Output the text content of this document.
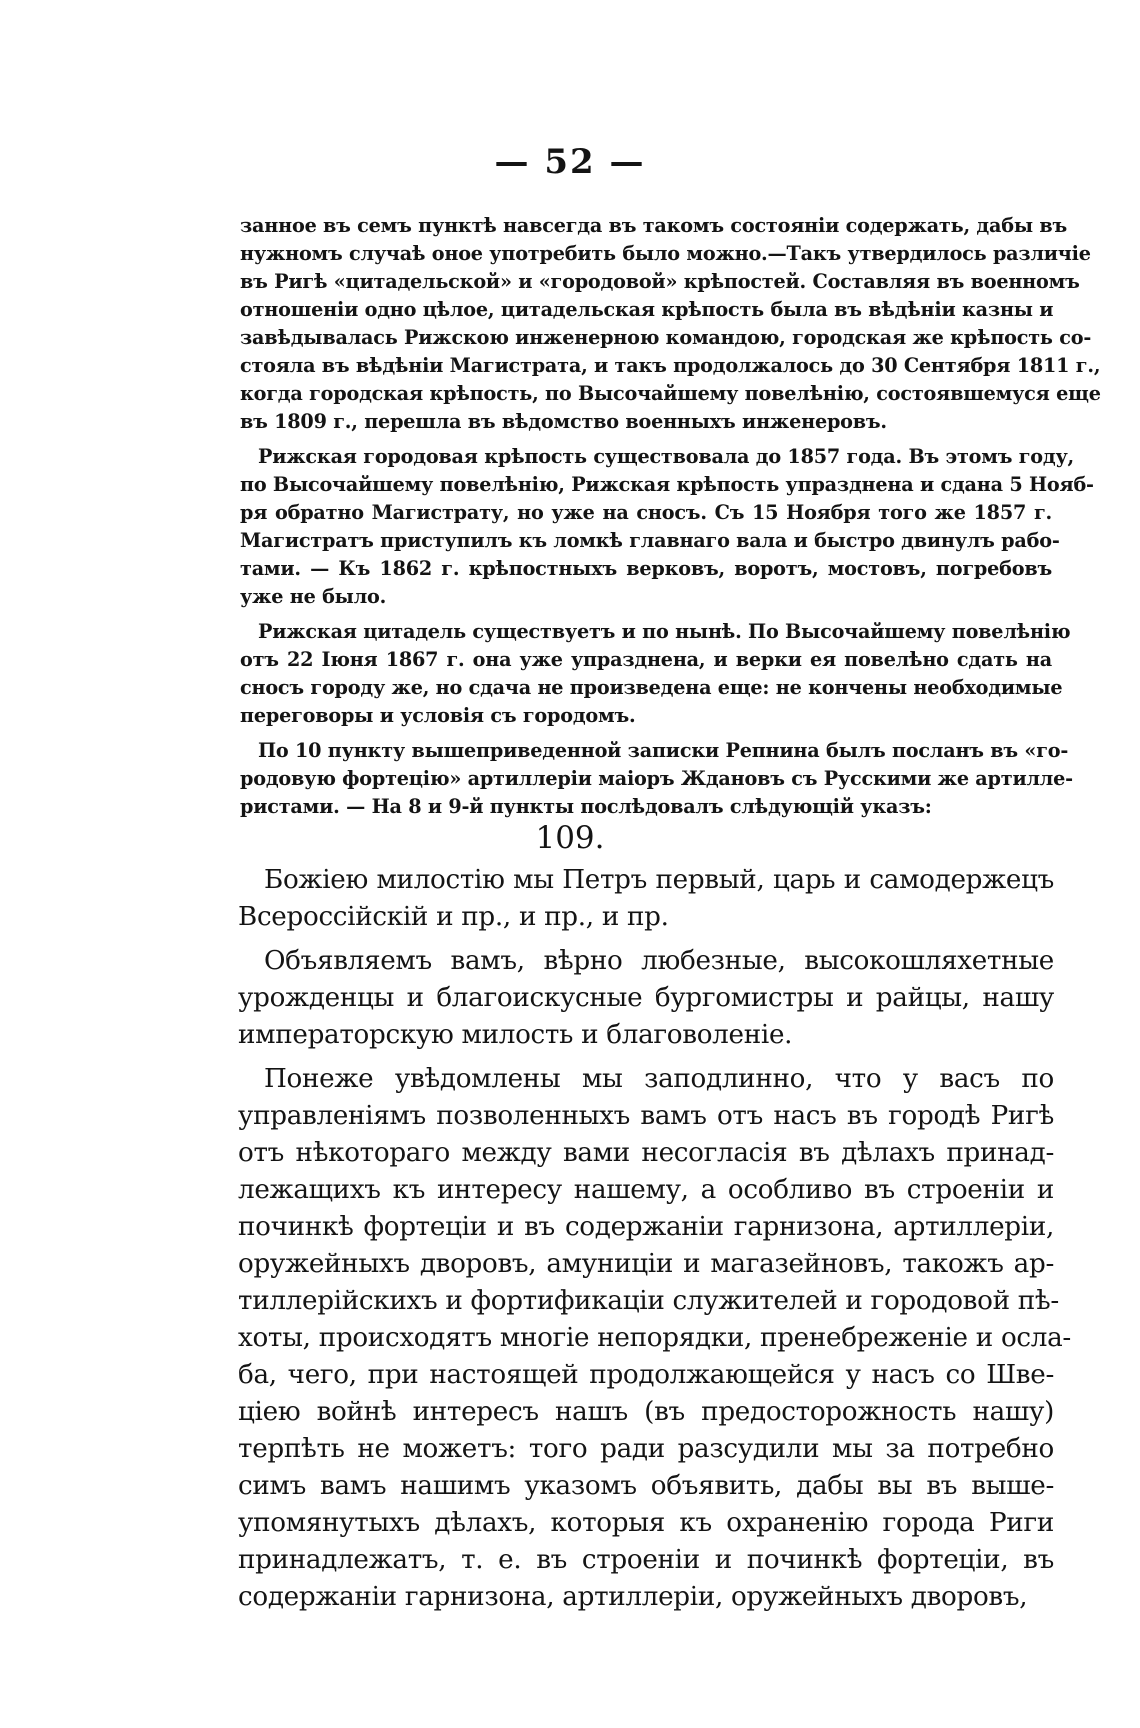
— 52 —
занное въ семъ пунктѣ навсегда въ такомъ состояніи содержать, дабы въ
нужномъ случаѣ оное употребить было можно.—Такъ утвердилось различіе
въ Ригѣ «цитадельской» и «городовой» крѣпостей. Составляя въ военномъ
отношеніи одно цѣлое, цитадельская крѣпость была въ вѣдѣніи казны и
завѣдывалась Рижскою инженерною командою, городская же крѣпость со-
стояла въ вѣдѣніи Магистрата, и такъ продолжалось до 30 Сентября 1811 г.,
когда городская крѣпость, по Высочайшему повелѣнію, состоявшемуся еще
въ 1809 г., перешла въ вѣдомство военныхъ инженеровъ.
Рижская городовая крѣпость существовала до 1857 года. Въ этомъ году,
по Высочайшему повелѣнію, Рижская крѣпость упразднена и сдана 5 Нояб-
ря обратно Магистрату, но уже на сносъ. Съ 15 Ноября того же 1857 г.
Магистратъ приступилъ къ ломкѣ главнаго вала и быстро двинулъ рабо-
тами. — Къ 1862 г. крѣпостныхъ верковъ, воротъ, мостовъ, погребовъ
уже не было.
Рижская цитадель существуетъ и по нынѣ. По Высочайшему повелѣнію
отъ 22 Іюня 1867 г. она уже упразднена, и верки ея повелѣно сдать на
сносъ городу же, но сдача не произведена еще: не кончены необходимые
переговоры и условія съ городомъ.
По 10 пункту вышеприведенной записки Репнина былъ посланъ въ «го-
родовую фортецію» артиллеріи маіоръ Ждановъ съ Русскими же артилле-
ристами. — На 8 и 9-й пункты послѣдовалъ слѣдующій указъ:
109.
Божіею милостію мы Петръ первый, царь и самодержецъ
Всероссійскій и пр., и пр., и пр.
Объявляемъ вамъ, вѣрно любезные, высокошляхетные
урожденцы и благоискусные бургомистры и райцы, нашу
императорскую милость и благоволеніе.
Понеже увѣдомлены мы заподлинно, что у васъ по
управленіямъ позволенныхъ вамъ отъ насъ въ городѣ Ригѣ
отъ нѣкотораго между вами несогласія въ дѣлахъ принад-
лежащихъ къ интересу нашему, а особливо въ строеніи и
починкѣ фортеціи и въ содержаніи гарнизона, артиллеріи,
оружейныхъ дворовъ, амуниціи и магазейновъ, такожъ ар-
тиллерійскихъ и фортификаціи служителей и городовой пѣ-
хоты, происходятъ многіе непорядки, пренебреженіе и осла-
ба, чего, при настоящей продолжающейся у насъ со Шве-
ціею войнѣ интересъ нашъ (въ предосторожность нашу)
терпѣть не можетъ: того ради разсудили мы за потребно
симъ вамъ нашимъ указомъ объявить, дабы вы въ выше-
упомянутыхъ дѣлахъ, которыя къ охраненію города Риги
принадлежатъ, т. е. въ строеніи и починкѣ фортеціи, въ
содержаніи гарнизона, артиллеріи, оружейныхъ дворовъ,
